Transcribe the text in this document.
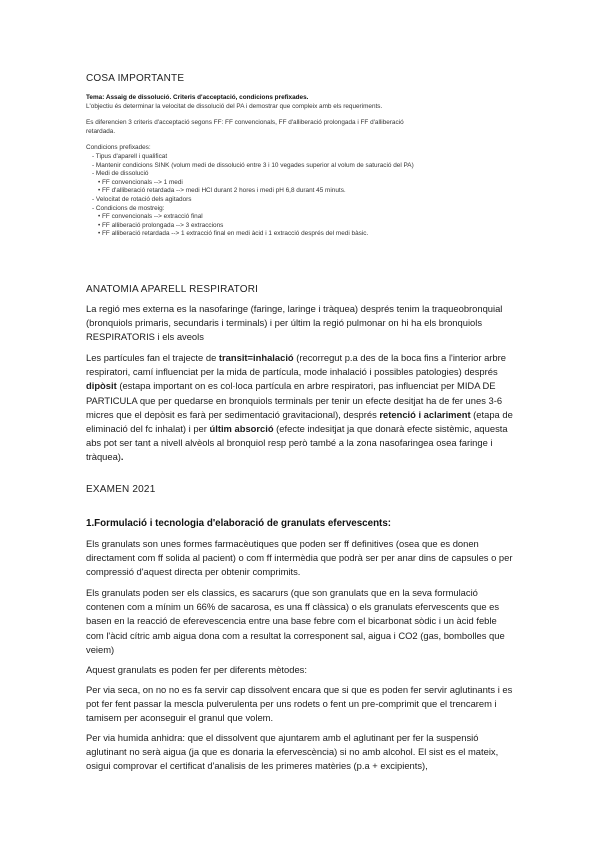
COSA IMPORTANTE
Tema: Assaig de dissolució. Criteris d'acceptació, condicions prefixades.
L'objectiu és determinar la velocitat de dissolució del PA i demostrar que compleix amb els requeriments.
Es diferencien 3 criteris d'acceptació segons FF: FF convencionals, FF d'alliberació prolongada i FF d'alliberació
retardada.
Condicions prefixades:
- Tipus d'aparell i qualificat
- Mantenir condicions SINK (volum medi de dissolució entre 3 i 10 vegades superior al volum de saturació del PA)
- Medi de dissolució
• FF convencionals --> 1 medi
• FF d'alliberació retardada --> medi HCl durant 2 hores i medi pH 6,8 durant 45 minuts.
- Velocitat de rotació dels agitadors
- Condicions de mostreig:
• FF convencionals --> extracció final
• FF alliberació prolongada --> 3 extraccions
• FF alliberació retardada --> 1 extracció final en medi àcid i 1 extracció després del medi bàsic.
ANATOMIA APARELL RESPIRATORI

La regió mes externa es la nasofaringe (faringe, laringe i tràquea) després tenim la traqueobronquial (bronquiols primaris, secundaris i terminals) i per últim la regió pulmonar on hi ha els bronquiols RESPIRATORIS i els aveols

Les partícules fan el trajecte de transit=inhalació (recorregut p.a des de la boca fins a l'interior arbre respiratori, camí influenciat per la mida de partícula, mode inhalació i possibles patologies) després dipòsit (estapa important on es col·loca partícula en arbre respiratori, pas influenciat per MIDA DE PARTICULA que per quedarse en bronquiols terminals per tenir un efecte desitjat ha de fer unes 3-6 micres que el depòsit es farà per sedimentació gravitacional), després retenció i aclariment (etapa de eliminació del fc inhalat) i per últim absorció (efecte indesitjat ja que donarà efecte sistèmic, aquesta abs pot ser tant a nivell alvèols al bronquiol resp però també a la zona nasofaringea osea faringe i tràquea).

EXAMEN 2021
1.Formulació i tecnologia d'elaboració de granulats efervescents:

Els granulats son unes formes farmacèutiques que poden ser ff definitives (osea que es donen directament com ff solida al pacient) o com ff intermèdia que podrà ser per anar dins de capsules o per compressió d'aquest directa per obtenir comprimits.

Els granulats poden ser els classics, es sacarurs (que son granulats que en la seva formulació contenen com a mínim un 66% de sacarosa, es una ff clàssica) o els granulats efervescents que es basen en la reacció de eferevescencia entre una base febre com el bicarbonat sòdic i un àcid feble com l'àcid cítric amb aigua dona com a resultat la corresponent sal, aigua i CO2 (gas, bombolles que veiem)

Aquest granulats es poden fer per diferents mètodes:

Per via seca, on no no es fa servir cap dissolvent encara que si que es poden fer servir aglutinants i es pot fer fent passar la mescla pulverulenta per uns rodets o fent un pre-comprimit que el trencarem i tamisem per aconseguir el granul que volem.

Per via humida anhidra: que el dissolvent que ajuntarem amb el aglutinant per fer la suspensió aglutinant no serà aigua (ja que es donaria la efervescència) si no amb alcohol. El sist es el mateix, osigui comprovar el certificat d'analisis de les primeres matèries (p.a + excipients),
